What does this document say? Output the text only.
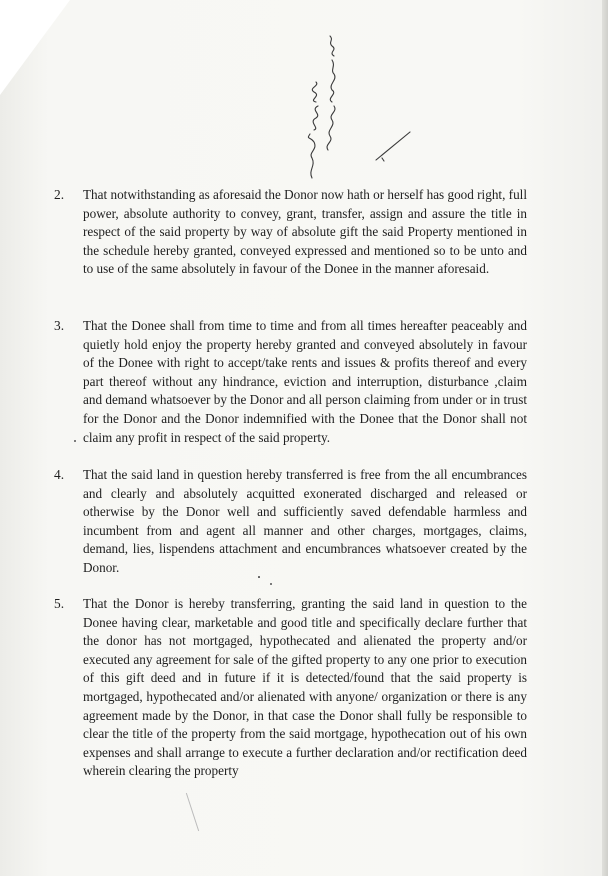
2. That notwithstanding as aforesaid the Donor now hath or herself has good right, full power, absolute authority to convey, grant, transfer, assign and assure the title in respect of the said property by way of absolute gift the said Property mentioned in the schedule hereby granted, conveyed expressed and mentioned so to be unto and to use of the same absolutely in favour of the Donee in the manner aforesaid.
3. That the Donee shall from time to time and from all times hereafter peaceably and quietly hold enjoy the property hereby granted and conveyed absolutely in favour of the Donee with right to accept/take rents and issues & profits thereof and every part thereof without any hindrance, eviction and interruption, disturbance ,claim and demand whatsoever by the Donor and all person claiming from under or in trust for the Donor and the Donor indemnified with the Donee that the Donor shall not claim any profit in respect of the said property.
4. That the said land in question hereby transferred is free from the all encumbrances and clearly and absolutely acquitted exonerated discharged and released or otherwise by the Donor well and sufficiently saved defendable harmless and incumbent from and agent all manner and other charges, mortgages, claims, demand, lies, lispendens attachment and encumbrances whatsoever created by the Donor.
5. That the Donor is hereby transferring, granting the said land in question to the Donee having clear, marketable and good title and specifically declare further that the donor has not mortgaged, hypothecated and alienated the property and/or executed any agreement for sale of the gifted property to any one prior to execution of this gift deed and in future if it is detected/found that the said property is mortgaged, hypothecated and/or alienated with anyone/ organization or there is any agreement made by the Donor, in that case the Donor shall fully be responsible to clear the title of the property from the said mortgage, hypothecation out of his own expenses and shall arrange to execute a further declaration and/or rectification deed wherein clearing the property
